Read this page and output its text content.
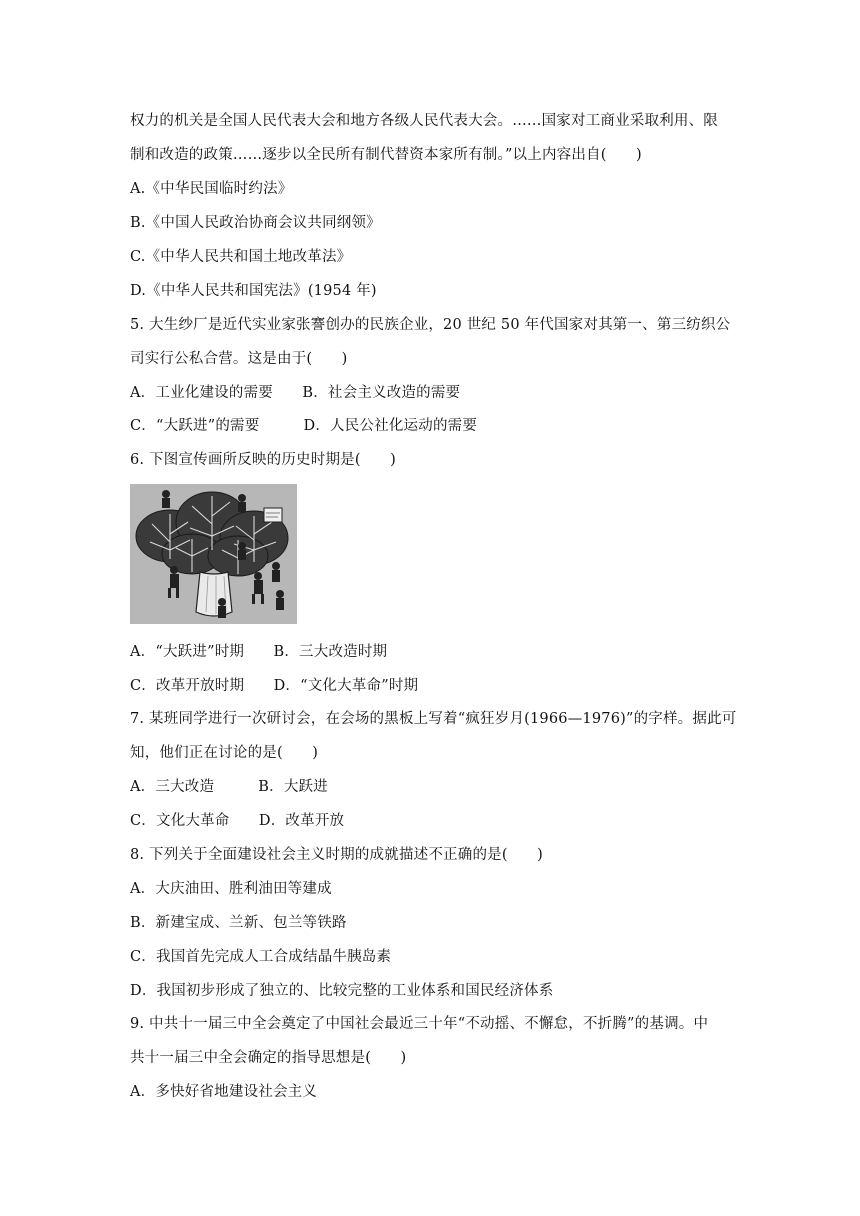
权力的机关是全国人民代表大会和地方各级人民代表大会。……国家对工商业采取利用、限
制和改造的政策……逐步以全民所有制代替资本家所有制。”以上内容出自(　　)
A.《中华民国临时约法》
B.《中国人民政治协商会议共同纲领》
C.《中华人民共和国土地改革法》
D.《中华人民共和国宪法》(1954 年)
5. 大生纱厂是近代实业家张謇创办的民族企业，20 世纪 50 年代国家对其第一、第三纺织公
司实行公私合营。这是由于(　　)
A．工业化建设的需要　　B．社会主义改造的需要
C．“大跃进”的需要　　　D．人民公社化运动的需要
6. 下图宣传画所反映的历史时期是(　　)
A．“大跃进”时期　　B．三大改造时期
C．改革开放时期　　D．“文化大革命”时期
7. 某班同学进行一次研讨会，在会场的黑板上写着“疯狂岁月(1966—1976)”的字样。据此可
知，他们正在讨论的是(　　)
A．三大改造　　　B．大跃进
C．文化大革命　　D．改革开放
8. 下列关于全面建设社会主义时期的成就描述不正确的是(　　)
A．大庆油田、胜利油田等建成
B．新建宝成、兰新、包兰等铁路
C．我国首先完成人工合成结晶牛胰岛素
D．我国初步形成了独立的、比较完整的工业体系和国民经济体系
9. 中共十一届三中全会奠定了中国社会最近三十年“不动摇、不懈怠，不折腾”的基调。中
共十一届三中全会确定的指导思想是(　　)
A．多快好省地建设社会主义
